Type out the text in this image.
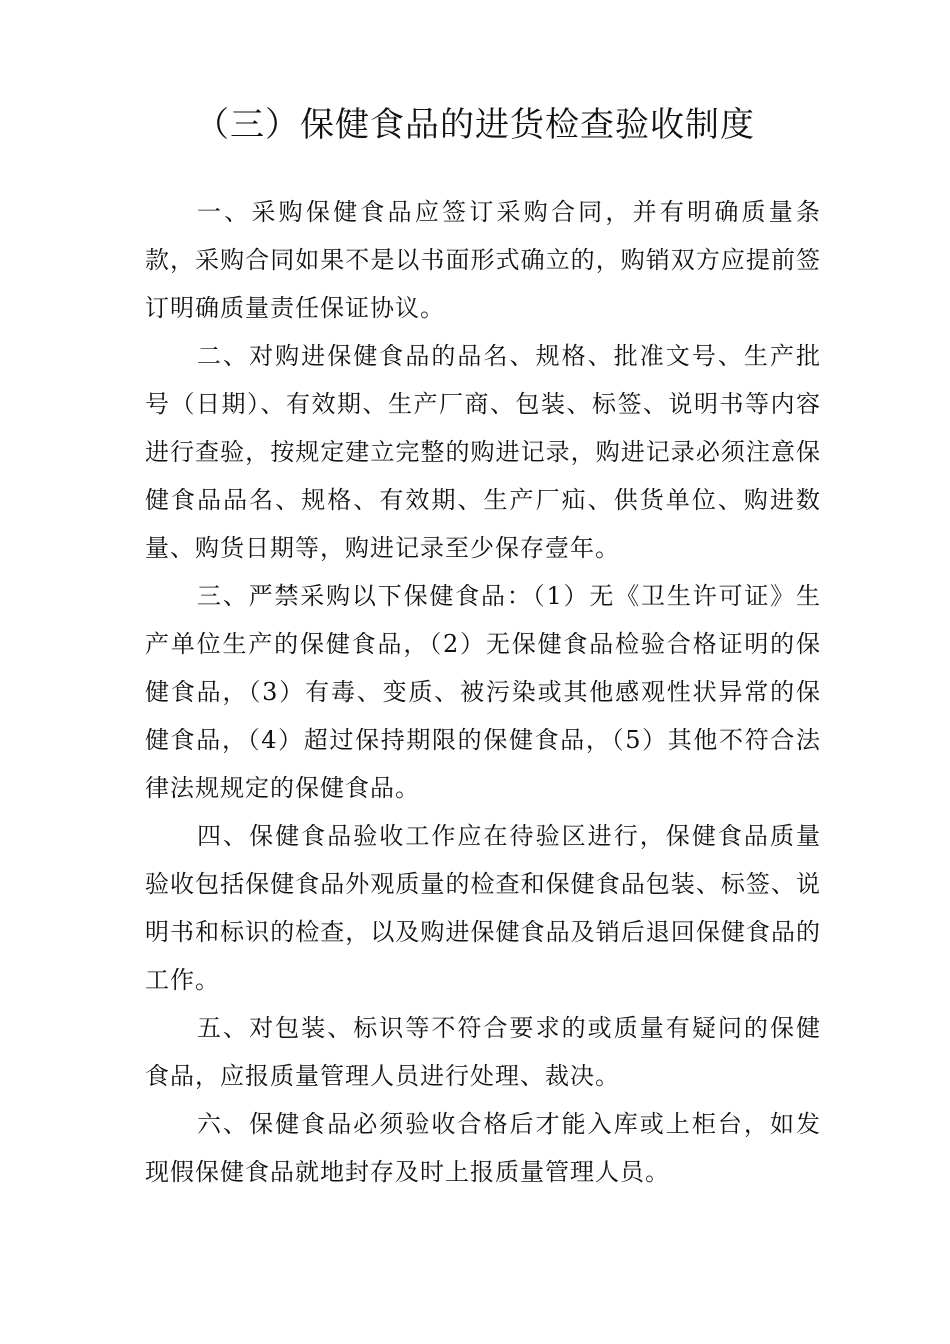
（三）保健食品的进货检查验收制度

一、采购保健食品应签订采购合同，并有明确质量条款，采购合同如果不是以书面形式确立的，购销双方应提前签订明确质量责任保证协议。

二、对购进保健食品的品名、规格、批准文号、生产批号（日期）、有效期、生产厂商、包装、标签、说明书等内容进行查验，按规定建立完整的购进记录，购进记录必须注意保健食品品名、规格、有效期、生产厂疝、供货单位、购进数量、购货日期等，购进记录至少保存壹年。

三、严禁采购以下保健食品：（1）无《卫生许可证》生产单位生产的保健食品，（2）无保健食品检验合格证明的保健食品，（3）有毒、变质、被污染或其他感观性状异常的保健食品，（4）超过保持期限的保健食品，（5）其他不符合法律法规规定的保健食品。

四、保健食品验收工作应在待验区进行，保健食品质量验收包括保健食品外观质量的检查和保健食品包装、标签、说明书和标识的检查，以及购进保健食品及销后退回保健食品的工作。

五、对包装、标识等不符合要求的或质量有疑问的保健食品，应报质量管理人员进行处理、裁决。

六、保健食品必须验收合格后才能入库或上柜台，如发现假保健食品就地封存及时上报质量管理人员。
